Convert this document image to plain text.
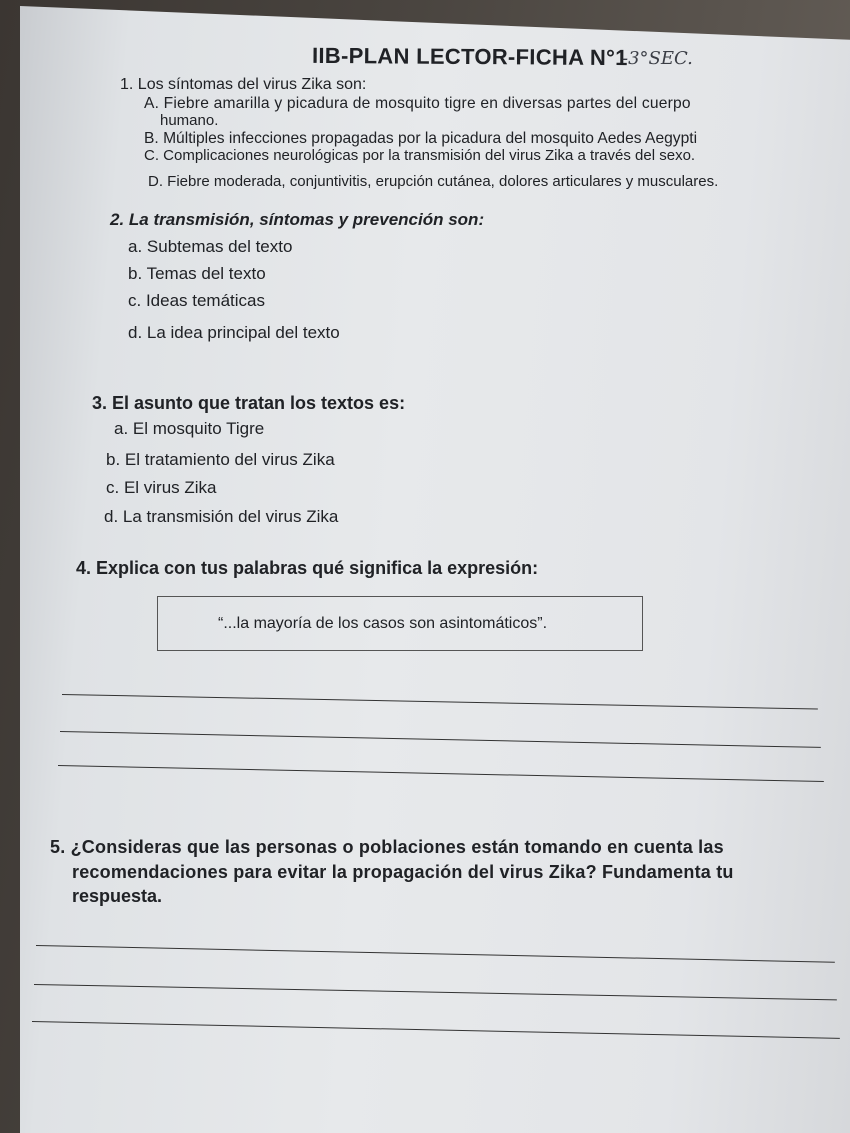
IIB-PLAN LECTOR-FICHA N°1
-3°SEC.
1. Los síntomas del virus Zika son:
A. Fiebre amarilla y picadura de mosquito tigre en diversas partes del cuerpo
humano.
B. Múltiples infecciones propagadas por la picadura del mosquito Aedes Aegypti
C. Complicaciones neurológicas por la transmisión del virus Zika a través del sexo.
D. Fiebre moderada, conjuntivitis, erupción cutánea, dolores articulares y musculares.
2. La transmisión, síntomas y prevención son:
a. Subtemas del texto
b. Temas del texto
c. Ideas temáticas
d. La idea principal del texto
3. El asunto que tratan los textos es:
a. El mosquito Tigre
b. El tratamiento del virus Zika
c. El virus Zika
d. La transmisión del virus Zika
4. Explica con tus palabras qué significa la expresión:
“...la mayoría de los casos son asintomáticos”.
5. ¿Consideras que las personas o poblaciones están tomando en cuenta las
recomendaciones para evitar la propagación del virus Zika? Fundamenta tu
respuesta.
